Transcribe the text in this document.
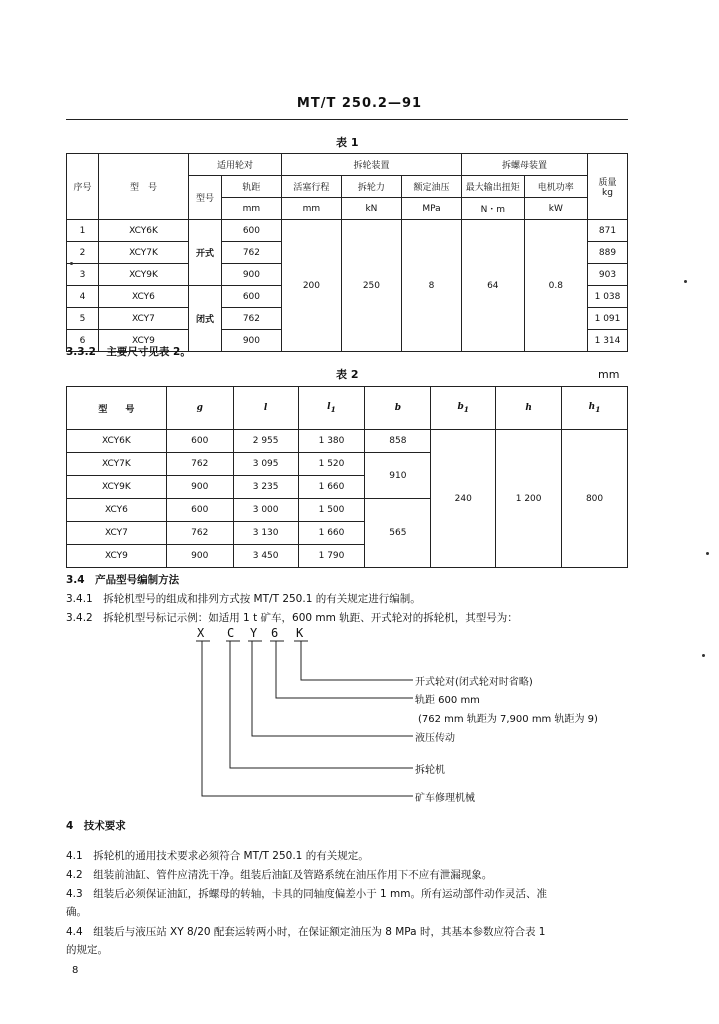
MT/T 250.2—91
表 1
序号	型　号	适用轮对		拆轮装置			拆螺母装置		质量
kg
		型号	轨距	活塞行程	拆轮力	额定油压	最大输出扭矩	电机功率	
			mm	mm	kN	MPa	N・m	kW	
1	XCY6K	开式	600	200	250	8	64	0.8	871
2	XCY7K		762						889
3	XCY9K		900						903
4	XCY6	闭式	600						1 038
5	XCY7		762						1 091
6	XCY9		900						1 314
3.3.2　主要尺寸见表 2。
表 2	mm
型　　号	g	l	$l_1$	b	$b_1$	h	$h_1$
XCY6K	600	2 955	1 380	858	240	1 200	800
XCY7K	762	3 095	1 520	910			
XCY9K	900	3 235	1 660				
XCY6	600	3 000	1 500	565			
XCY7	762	3 130	1 660				
XCY9	900	3 450	1 790				
3.4　产品型号编制方法
3.4.1　拆轮机型号的组成和排列方式按 MT/T 250.1 的有关规定进行编制。
3.4.2　拆轮机型号标记示例：如适用 1 t 矿车，600 mm 轨距、开式轮对的拆轮机，其型号为：
X C Y 6 K
开式轮对(闭式轮对时省略)
轨距 600 mm
(762 mm 轨距为 7,900 mm 轨距为 9)
液压传动
拆轮机
矿车修理机械
4　技术要求
4.1　拆轮机的通用技术要求必须符合 MT/T 250.1 的有关规定。
4.2　组装前油缸、管件应清洗干净。组装后油缸及管路系统在油压作用下不应有泄漏现象。
4.3　组装后必须保证油缸，拆螺母的转轴，卡具的同轴度偏差小于 1 mm。所有运动部件动作灵活、准
确。
4.4　组装后与液压站 XY 8/20 配套运转两小时，在保证额定油压为 8 MPa 时，其基本参数应符合表 1
的规定。
8
